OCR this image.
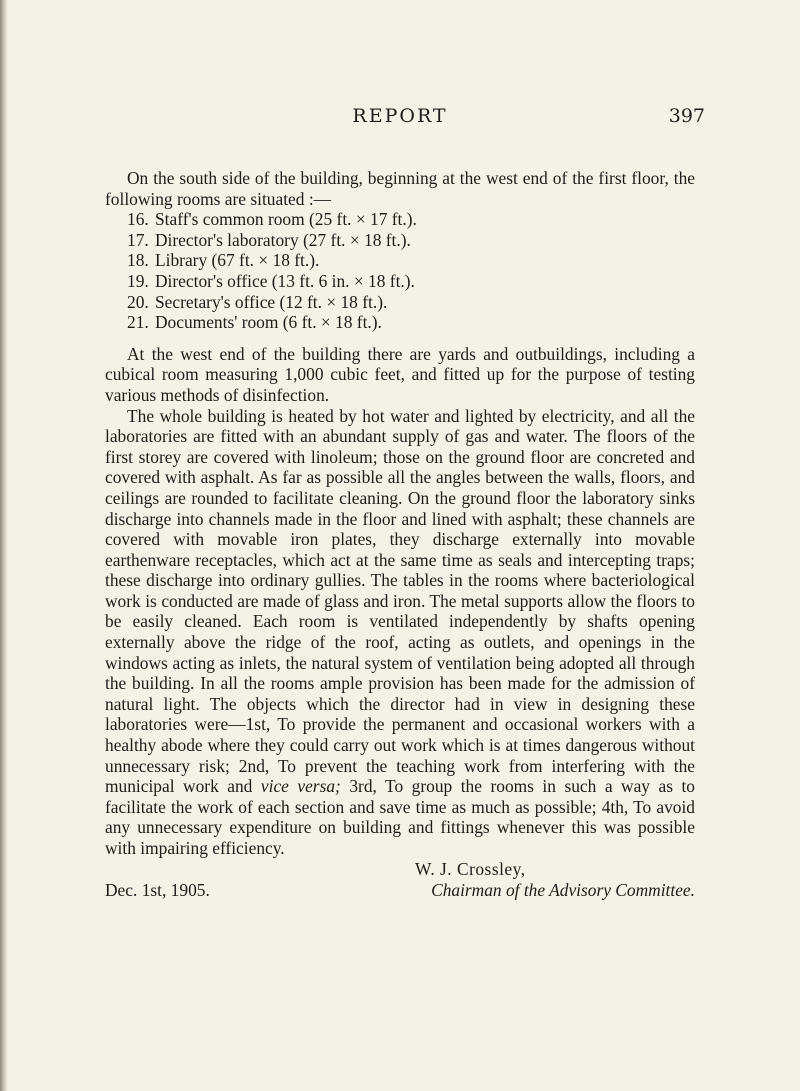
REPORT	397

On the south side of the building, beginning at the west end of the first floor, the following rooms are situated :—

16. Staff's common room (25 ft. × 17 ft.).
17. Director's laboratory (27 ft. × 18 ft.).
18. Library (67 ft. × 18 ft.).
19. Director's office (13 ft. 6 in. × 18 ft.).
20. Secretary's office (12 ft. × 18 ft.).
21. Documents' room (6 ft. × 18 ft.).

At the west end of the building there are yards and outbuildings, including a cubical room measuring 1,000 cubic feet, and fitted up for the purpose of testing various methods of disinfection.

The whole building is heated by hot water and lighted by electricity, and all the laboratories are fitted with an abundant supply of gas and water. The floors of the first storey are covered with linoleum; those on the ground floor are concreted and covered with asphalt. As far as possible all the angles between the walls, floors, and ceilings are rounded to facilitate cleaning. On the ground floor the laboratory sinks discharge into channels made in the floor and lined with asphalt; these channels are covered with movable iron plates, they discharge externally into movable earthenware receptacles, which act at the same time as seals and intercepting traps; these discharge into ordinary gullies. The tables in the rooms where bacteriological work is conducted are made of glass and iron. The metal supports allow the floors to be easily cleaned. Each room is ventilated independently by shafts opening externally above the ridge of the roof, acting as outlets, and openings in the windows acting as inlets, the natural system of ventilation being adopted all through the building. In all the rooms ample provision has been made for the admission of natural light. The objects which the director had in view in designing these laboratories were—1st, To provide the permanent and occasional workers with a healthy abode where they could carry out work which is at times dangerous without unnecessary risk; 2nd, To prevent the teaching work from interfering with the municipal work and vice versa; 3rd, To group the rooms in such a way as to facilitate the work of each section and save time as much as possible; 4th, To avoid any unnecessary expenditure on building and fittings whenever this was possible with impairing efficiency.

W. J. Crossley,
Dec. 1st, 1905.	Chairman of the Advisory Committee.
